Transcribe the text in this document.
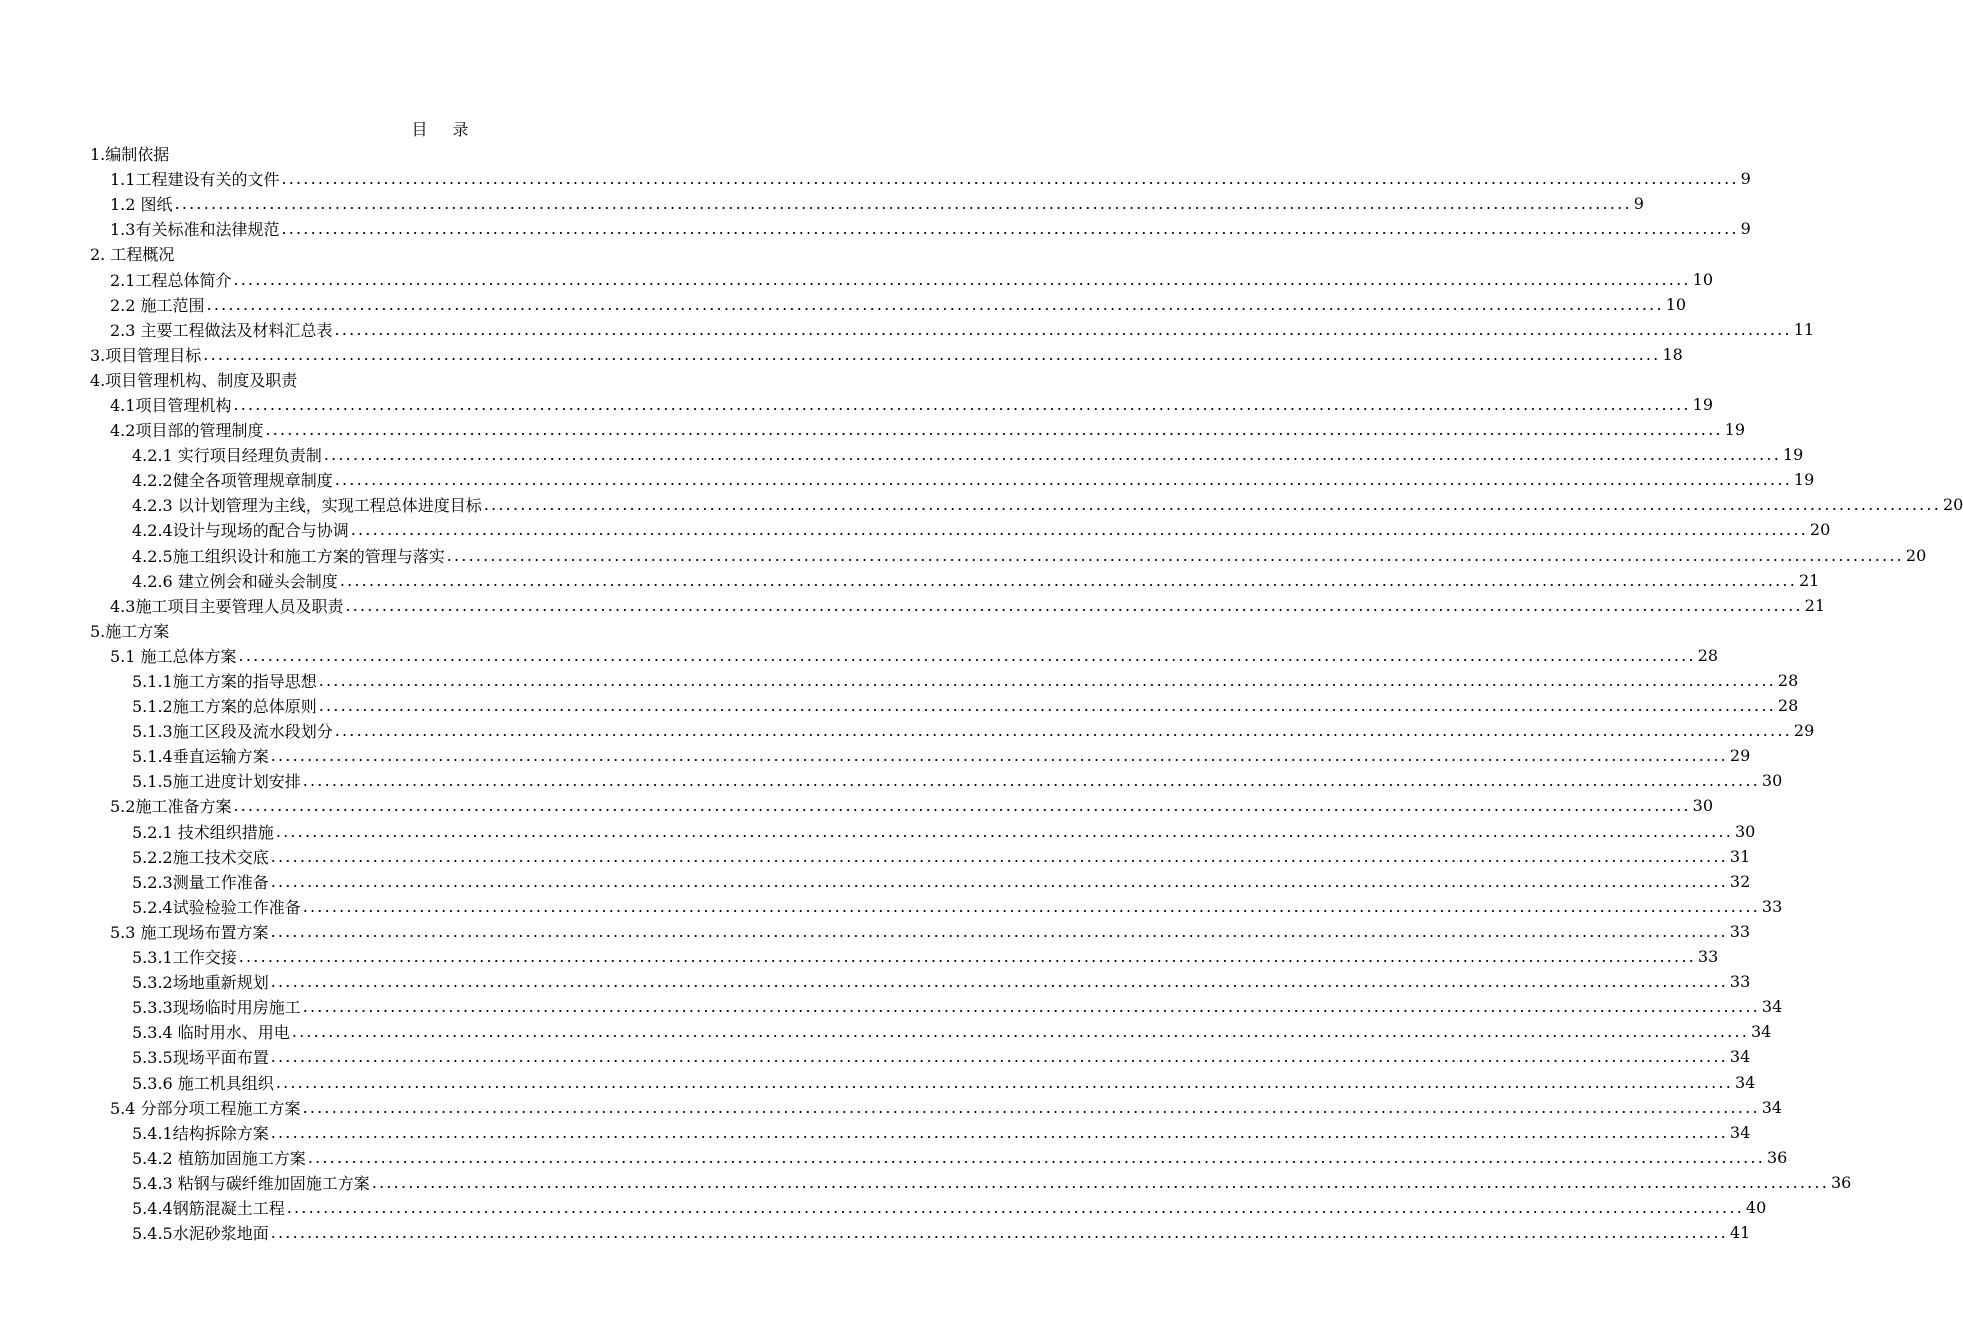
目 录
1.编制依据
1.1工程建设有关的文件 ........................................................................................................................................................................................................ 9
1.2 图纸 ........................................................................................................................................................................................................ 9
1.3有关标准和法律规范 ........................................................................................................................................................................................................ 9
2. 工程概况
2.1工程总体简介 ........................................................................................................................................................................................................ 10
2.2 施工范围 ........................................................................................................................................................................................................ 10
2.3 主要工程做法及材料汇总表 ........................................................................................................................................................................................................ 11
3.项目管理目标 ........................................................................................................................................................................................................ 18
4.项目管理机构、制度及职责
4.1项目管理机构 ........................................................................................................................................................................................................ 19
4.2项目部的管理制度 ........................................................................................................................................................................................................ 19
4.2.1 实行项目经理负责制 ........................................................................................................................................................................................................ 19
4.2.2健全各项管理规章制度 ........................................................................................................................................................................................................ 19
4.2.3 以计划管理为主线，实现工程总体进度目标 ........................................................................................................................................................................................................ 20
4.2.4设计与现场的配合与协调 ........................................................................................................................................................................................................ 20
4.2.5施工组织设计和施工方案的管理与落实 ........................................................................................................................................................................................................ 20
4.2.6 建立例会和碰头会制度 ........................................................................................................................................................................................................ 21
4.3施工项目主要管理人员及职责 ........................................................................................................................................................................................................ 21
5.施工方案
5.1 施工总体方案 ........................................................................................................................................................................................................ 28
5.1.1施工方案的指导思想 ........................................................................................................................................................................................................ 28
5.1.2施工方案的总体原则 ........................................................................................................................................................................................................ 28
5.1.3施工区段及流水段划分 ........................................................................................................................................................................................................ 29
5.1.4垂直运输方案 ........................................................................................................................................................................................................ 29
5.1.5施工进度计划安排 ........................................................................................................................................................................................................ 30
5.2施工准备方案 ........................................................................................................................................................................................................ 30
5.2.1 技术组织措施 ........................................................................................................................................................................................................ 30
5.2.2施工技术交底 ........................................................................................................................................................................................................ 31
5.2.3测量工作准备 ........................................................................................................................................................................................................ 32
5.2.4试验检验工作准备 ........................................................................................................................................................................................................ 33
5.3 施工现场布置方案 ........................................................................................................................................................................................................ 33
5.3.1工作交接 ........................................................................................................................................................................................................ 33
5.3.2场地重新规划 ........................................................................................................................................................................................................ 33
5.3.3现场临时用房施工 ........................................................................................................................................................................................................ 34
5.3.4 临时用水、用电 ........................................................................................................................................................................................................ 34
5.3.5现场平面布置 ........................................................................................................................................................................................................ 34
5.3.6 施工机具组织 ........................................................................................................................................................................................................ 34
5.4 分部分项工程施工方案 ........................................................................................................................................................................................................ 34
5.4.1结构拆除方案 ........................................................................................................................................................................................................ 34
5.4.2 植筋加固施工方案 ........................................................................................................................................................................................................ 36
5.4.3 粘钢与碳纤维加固施工方案 ........................................................................................................................................................................................................ 36
5.4.4钢筋混凝土工程 ........................................................................................................................................................................................................ 40
5.4.5水泥砂浆地面 ........................................................................................................................................................................................................ 41
